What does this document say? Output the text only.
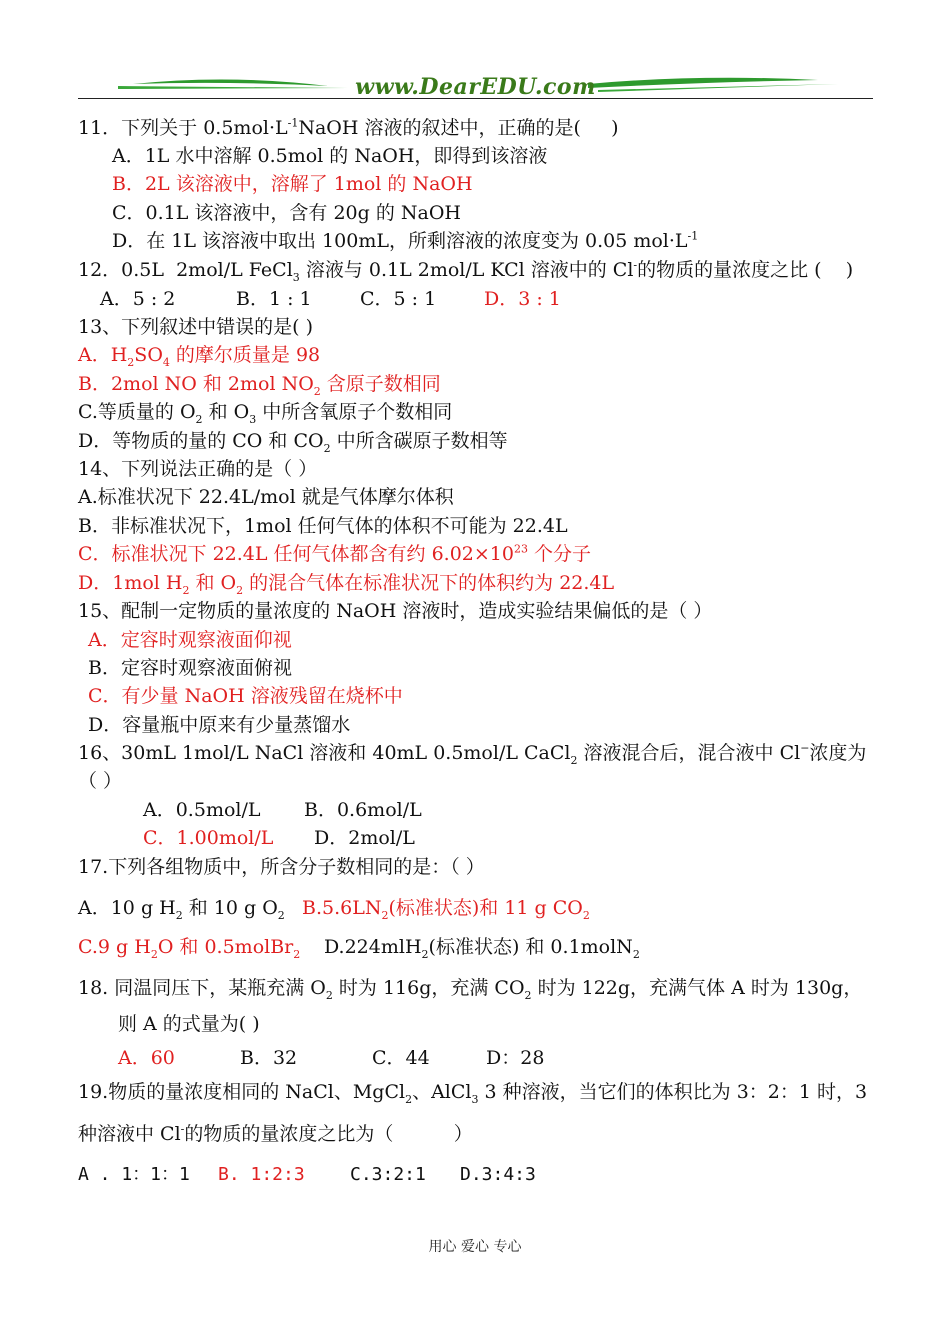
www.DearEDU.com
11．下列关于 $0.5mol\cdot L^{-1}NaOH$ 溶液的叙述中，正确的是(     )
A．1L 水中溶解 0.5mol 的 NaOH，即得到该溶液
B．2L 该溶液中，溶解了 1mol 的 NaOH
C．0.1L 该溶液中，含有 20g 的 NaOH
D．在 1L 该溶液中取出 100mL，所剩溶液的浓度变为 0.05 $mol\cdot L^{-1}$
12．0.5L  2mol/L FeCl$_3$ 溶液与 0.1L 2mol/L KCl 溶液中的 Cl-的物质的量浓度之比 (    )
A．5 : 2	B．1 : 1	C．5 : 1	D．3 : 1
13、下列叙述中错误的是( )
A．$H_2SO_4$ 的摩尔质量是 98
B．2mol NO 和 2mol $NO_2$ 含原子数相同
C.等质量的 $O_2$ 和 $O_3$ 中所含氧原子个数相同
D．等物质的量的 CO 和 $CO_2$ 中所含碳原子数相等
14、下列说法正确的是（ ）
A.标准状况下 22.4L/mol 就是气体摩尔体积
B．非标准状况下，1mol 任何气体的体积不可能为 22.4L
C．标准状况下 22.4L 任何气体都含有约 $6.02\times 10^{23}$ 个分子
D．1mol $H_2$ 和 $O_2$ 的混合气体在标准状况下的体积约为 22.4L
15、配制一定物质的量浓度的 NaOH 溶液时，造成实验结果偏低的是（ ）
A．定容时观察液面仰视
B．定容时观察液面俯视
C．有少量 NaOH 溶液残留在烧杯中
D．容量瓶中原来有少量蒸馏水
16、30mL 1mol/L NaCl 溶液和 40mL 0.5mol/L CaCl$_2$ 溶液混合后，混合液中 Cl−浓度为
（ ）
A．0.5mol/L B．0.6mol/L
C．1.00mol/L D．2mol/L
17.下列各组物质中，所含分子数相同的是：（ ）
A．10 g $H_2$ 和 10 g $O_2$ $B.5.6LN_2$(标准状态)和 11 g $CO_2$
C.9 g $H_2O$ 和 0.5molBr$_2$ D.224mlH$_2$(标准状态) 和 0.1molN$_2$
18. 同温同压下，某瓶充满 $O_2$ 时为 116g，充满 $CO_2$ 时为 122g，充满气体 A 时为 130g，
则 A 的式量为( )
A．60	B．32	C．44	D：28
19.物质的量浓度相同的 NaCl、MgCl$_2$、AlCl$_3$ 3 种溶液，当它们的体积比为 3：2：1 时，3
种溶液中 Cl-的物质的量浓度之比为（          ）
A . 1：1：1 B. 1:2:3	C.3:2:1 D.3:4:3
用心 爱心 专心
